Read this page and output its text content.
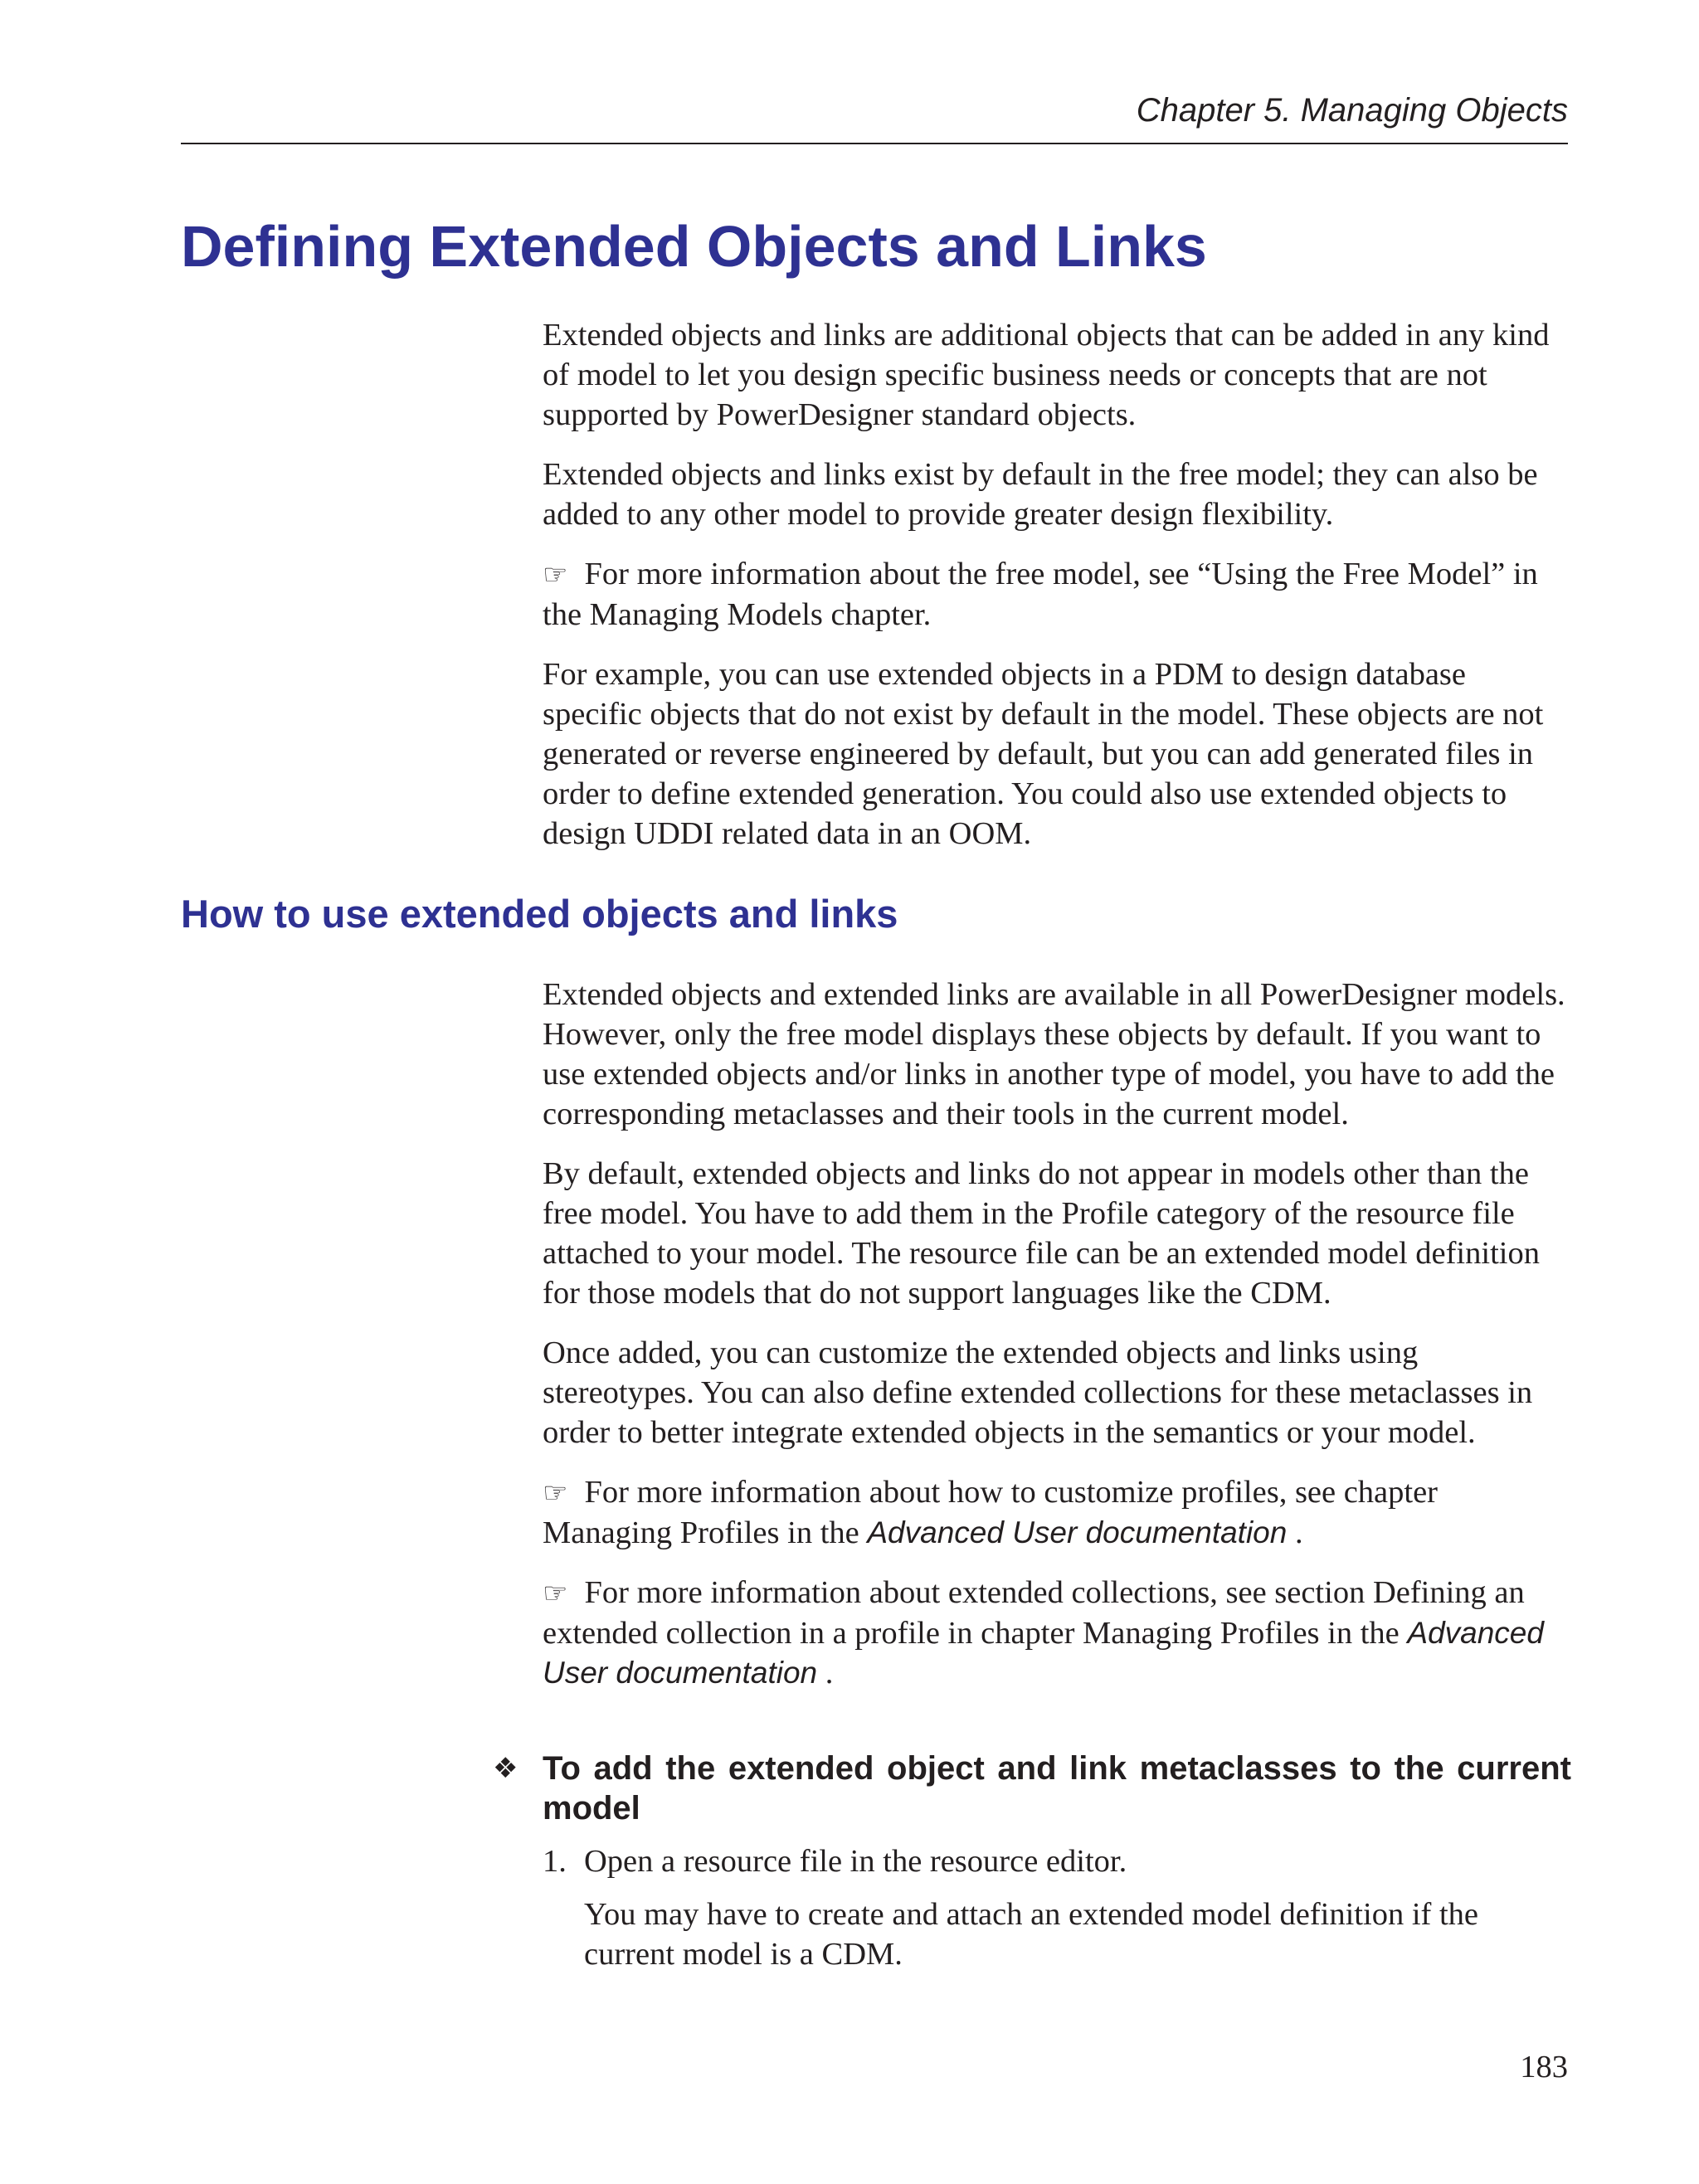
Chapter 5. Managing Objects
Defining Extended Objects and Links

Extended objects and links are additional objects that can be added in any kind of model to let you design specific business needs or concepts that are not supported by PowerDesigner standard objects.

Extended objects and links exist by default in the free model; they can also be added to any other model to provide greater design flexibility.

☞ For more information about the free model, see “Using the Free Model” in the Managing Models chapter.

For example, you can use extended objects in a PDM to design database specific objects that do not exist by default in the model. These objects are not generated or reverse engineered by default, but you can add generated files in order to define extended generation. You could also use extended objects to design UDDI related data in an OOM.

How to use extended objects and links

Extended objects and extended links are available in all PowerDesigner models. However, only the free model displays these objects by default. If you want to use extended objects and/or links in another type of model, you have to add the corresponding metaclasses and their tools in the current model.

By default, extended objects and links do not appear in models other than the free model. You have to add them in the Profile category of the resource file attached to your model. The resource file can be an extended model definition for those models that do not support languages like the CDM.

Once added, you can customize the extended objects and links using stereotypes. You can also define extended collections for these metaclasses in order to better integrate extended objects in the semantics or your model.

☞ For more information about how to customize profiles, see chapter Managing Profiles in the Advanced User documentation .

☞ For more information about extended collections, see section Defining an extended collection in a profile in chapter Managing Profiles in the Advanced User documentation .

❖ To add the extended object and link metaclasses to the current model
1. Open a resource file in the resource editor.
You may have to create and attach an extended model definition if the current model is a CDM.
183
